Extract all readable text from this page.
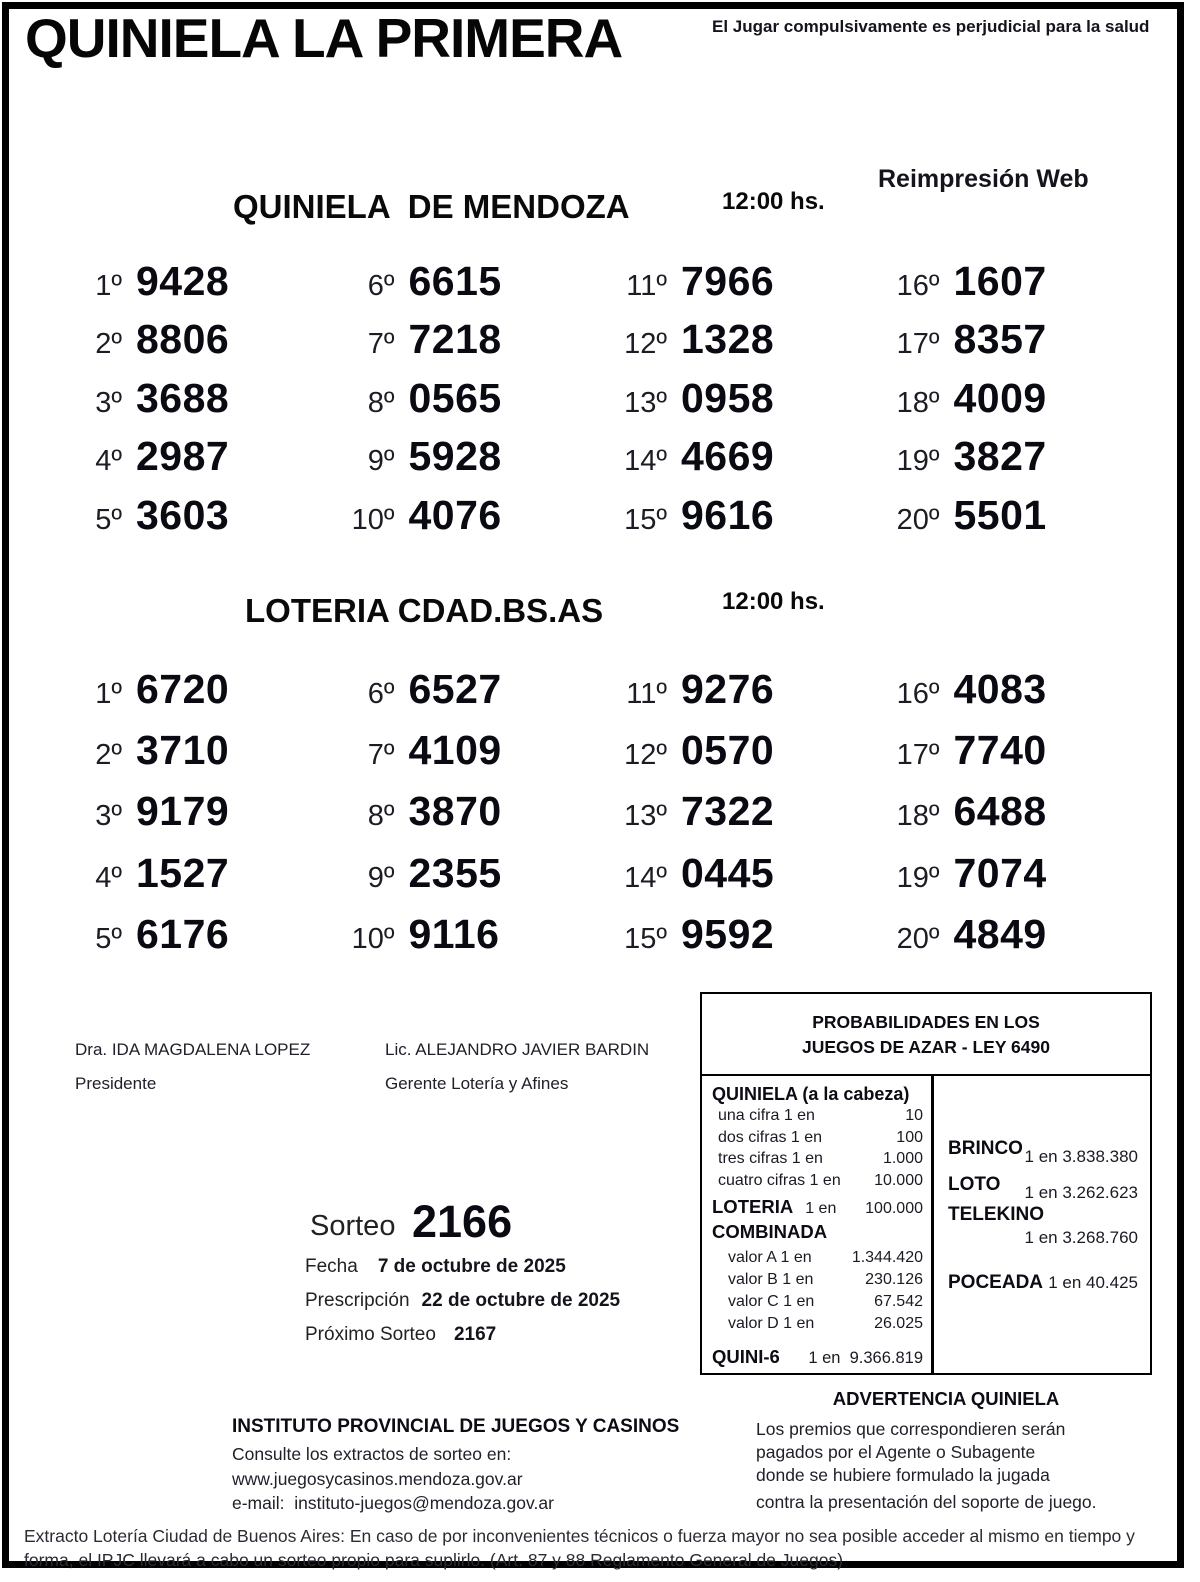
QUINIELA LA PRIMERA	El Jugar compulsivamente es perjudicial para la salud
Reimpresión Web
QUINIELA  DE MENDOZA	12:00 hs.
1º 9428
2º 8806
3º 3688
4º 2987
5º 3603
6º 6615
7º 7218
8º 0565
9º 5928
10º 4076
11º 7966
12º 1328
13º 0958
14º 4669
15º 9616
16º 1607
17º 8357
18º 4009
19º 3827
20º 5501
LOTERIA CDAD.BS.AS	12:00 hs.
1º 6720
2º 3710
3º 9179
4º 1527
5º 6176
6º 6527
7º 4109
8º 3870
9º 2355
10º 9116
11º 9276
12º 0570
13º 7322
14º 0445
15º 9592
16º 4083
17º 7740
18º 6488
19º 7074
20º 4849
Dra. IDA MAGDALENA LOPEZ
Presidente
Lic. ALEJANDRO JAVIER BARDIN
Gerente Lotería y Afines
PROBABILIDADES EN LOS
JUEGOS DE AZAR - LEY 6490
QUINIELA (a la cabeza)
una cifra 1 en	10
dos cifras 1 en	100
tres cifras 1 en	1.000
cuatro cifras 1 en 10.000
LOTERIA 1 en 100.000
COMBINADA
valor A 1 en	1.344.420
valor B 1 en	230.126
valor C 1 en	67.542
valor D 1 en	26.025
QUINI-6 1 en  9.366.819
BRINCO 1 en 3.838.380
LOTO 1 en 3.262.623
TELEKINO
1 en 3.268.760
POCEADA 1 en 40.425
Sorteo 2166
Fecha 7 de octubre de 2025
Prescripción 22 de octubre de 2025
Próximo Sorteo 2167
ADVERTENCIA QUINIELA
Los premios que correspondieren serán
pagados por el Agente o Subagente
donde se hubiere formulado la jugada
contra la presentación del soporte de juego.
INSTITUTO PROVINCIAL DE JUEGOS Y CASINOS
Consulte los extractos de sorteo en:
www.juegosycasinos.mendoza.gov.ar
e-mail:  instituto-juegos@mendoza.gov.ar
Extracto Lotería Ciudad de Buenos Aires: En caso de por inconvenientes técnicos o fuerza mayor no sea posible acceder al mismo en tiempo y
forma, el IPJC llevará a cabo un sorteo propio para suplirlo. (Art. 87 y 88 Reglamento General de Juegos)
